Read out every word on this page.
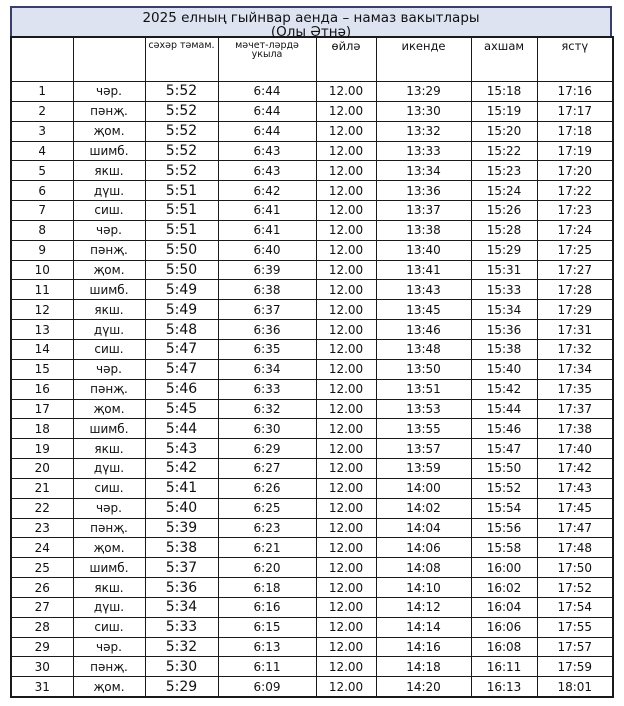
2025 елның гыйнвар аенда – намаз вакытлары
(Олы Әтнә)
		сәхәр тәмам.	мәчет-ләрдә укыла	өйлә	икенде	ахшам	ястү
1	чәр.	5:52	6:44	12.00	13:29	15:18	17:16
2	пәнҗ.	5:52	6:44	12.00	13:30	15:19	17:17
3	җом.	5:52	6:44	12.00	13:32	15:20	17:18
4	шимб.	5:52	6:43	12.00	13:33	15:22	17:19
5	якш.	5:52	6:43	12.00	13:34	15:23	17:20
6	дүш.	5:51	6:42	12.00	13:36	15:24	17:22
7	сиш.	5:51	6:41	12.00	13:37	15:26	17:23
8	чәр.	5:51	6:41	12.00	13:38	15:28	17:24
9	пәнҗ.	5:50	6:40	12.00	13:40	15:29	17:25
10	җом.	5:50	6:39	12.00	13:41	15:31	17:27
11	шимб.	5:49	6:38	12.00	13:43	15:33	17:28
12	якш.	5:49	6:37	12.00	13:45	15:34	17:29
13	дүш.	5:48	6:36	12.00	13:46	15:36	17:31
14	сиш.	5:47	6:35	12.00	13:48	15:38	17:32
15	чәр.	5:47	6:34	12.00	13:50	15:40	17:34
16	пәнҗ.	5:46	6:33	12.00	13:51	15:42	17:35
17	җом.	5:45	6:32	12.00	13:53	15:44	17:37
18	шимб.	5:44	6:30	12.00	13:55	15:46	17:38
19	якш.	5:43	6:29	12.00	13:57	15:47	17:40
20	дүш.	5:42	6:27	12.00	13:59	15:50	17:42
21	сиш.	5:41	6:26	12.00	14:00	15:52	17:43
22	чәр.	5:40	6:25	12.00	14:02	15:54	17:45
23	пәнҗ.	5:39	6:23	12.00	14:04	15:56	17:47
24	җом.	5:38	6:21	12.00	14:06	15:58	17:48
25	шимб.	5:37	6:20	12.00	14:08	16:00	17:50
26	якш.	5:36	6:18	12.00	14:10	16:02	17:52
27	дүш.	5:34	6:16	12.00	14:12	16:04	17:54
28	сиш.	5:33	6:15	12.00	14:14	16:06	17:55
29	чәр.	5:32	6:13	12.00	14:16	16:08	17:57
30	пәнҗ.	5:30	6:11	12.00	14:18	16:11	17:59
31	җом.	5:29	6:09	12.00	14:20	16:13	18:01
